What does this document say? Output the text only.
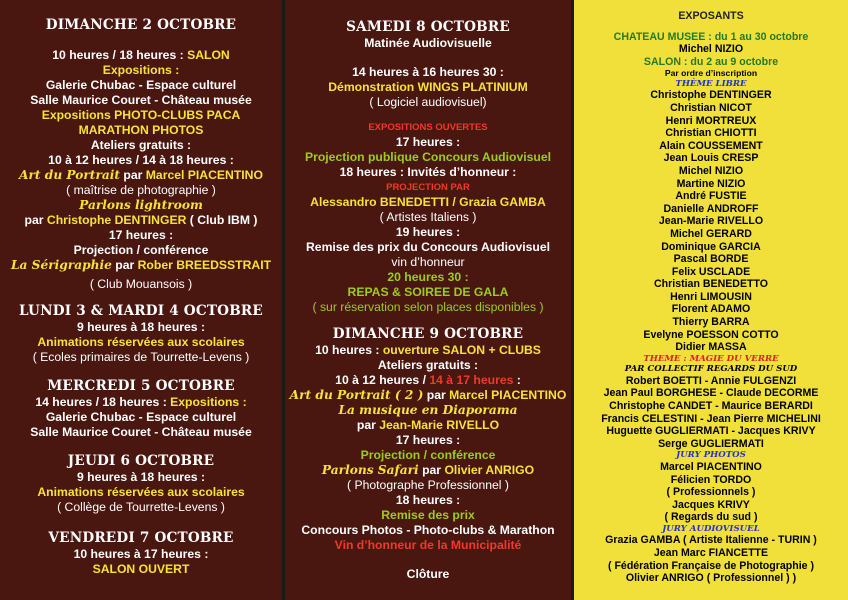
DIMANCHE 2 OCTOBRE
10 heures / 18 heures : SALON
Expositions :
Galerie Chubac - Espace culturel
Salle Maurice Couret - Château musée
Expositions PHOTO-CLUBS PACA
MARATHON PHOTOS
Ateliers gratuits :
10 à 12 heures / 14 à 18 heures :
Art du Portrait par Marcel PIACENTINO
( maîtrise de photographie )
Parlons lightroom
par Christophe DENTINGER ( Club IBM )
17 heures :
Projection / conférence
La Sérigraphie par Rober BREEDSSTRAIT
( Club Mouansois )
LUNDI 3 & MARDI 4 OCTOBRE
9 heures à 18 heures :
Animations réservées aux scolaires
( Ecoles primaires de Tourrette-Levens )
MERCREDI 5 OCTOBRE
14 heures / 18 heures : Expositions :
Galerie Chubac - Espace culturel
Salle Maurice Couret - Château musée
JEUDI 6 OCTOBRE
9 heures à 18 heures :
Animations réservées aux scolaires
( Collège de Tourrette-Levens )
VENDREDI 7 OCTOBRE
10 heures à 17 heures :
SALON OUVERT
SAMEDI 8 OCTOBRE
Matinée Audiovisuelle
14 heures à 16 heures 30 :
Démonstration WINGS PLATINIUM
( Logiciel audiovisuel)
EXPOSITIONS OUVERTES
17 heures :
Projection publique Concours Audiovisuel
18 heures : Invités d’honneur :
PROJECTION PAR
Alessandro BENEDETTI / Grazia GAMBA
( Artistes Italiens )
19 heures :
Remise des prix du Concours Audiovisuel
vin d’honneur
20 heures 30 :
REPAS & SOIREE DE GALA
( sur réservation selon places disponibles )
DIMANCHE 9 OCTOBRE
10 heures : ouverture SALON + CLUBS
Ateliers gratuits :
10 à 12 heures / 14 à 17 heures :
Art du Portrait ( 2 ) par Marcel PIACENTINO
La musique en Diaporama
par Jean-Marie RIVELLO
17 heures :
Projection / conférence
Parlons Safari par Olivier ANRIGO
( Photographe Professionnel )
18 heures :
Remise des prix
Concours Photos - Photo-clubs & Marathon
Vin d’honneur de la Municipalité
Clôture
EXPOSANTS
CHATEAU MUSEE : du 1 au 30 octobre
Michel NIZIO
SALON : du 2 au 9 octobre
Par ordre d’inscription
THÈME LIBRE
Christophe DENTINGER
Christian NICOT
Henri MORTREUX
Christian CHIOTTI
Alain COUSSEMENT
Jean Louis CRESP
Michel NIZIO
Martine NIZIO
André FUSTIE
Danielle ANDROFF
Jean-Marie RIVELLO
Michel GERARD
Dominique GARCIA
Pascal BORDE
Felix USCLADE
Christian BENEDETTO
Henri LIMOUSIN
Florent ADAMO
Thierry BARRA
Evelyne POESSON COTTO
Didier MASSA
THEME : MAGIE DU VERRE
PAR COLLECTIF REGARDS DU SUD
Robert BOETTI - Annie FULGENZI
Jean Paul BORGHESE - Claude DECORME
Christophe CANDET - Maurice BERARDI
Francis CELESTINI - Jean Pierre MICHELINI
Huguette GUGLIERMATI - Jacques KRIVY
Serge GUGLIERMATI
JURY PHOTOS
Marcel PIACENTINO
Félicien TORDO
( Professionnels )
Jacques KRIVY
( Regards du sud )
JURY AUDIOVISUEL
Grazia GAMBA ( Artiste Italienne - TURIN )
Jean Marc FIANCETTE
( Fédération Française de Photographie )
Olivier ANRIGO ( Professionnel ) )
